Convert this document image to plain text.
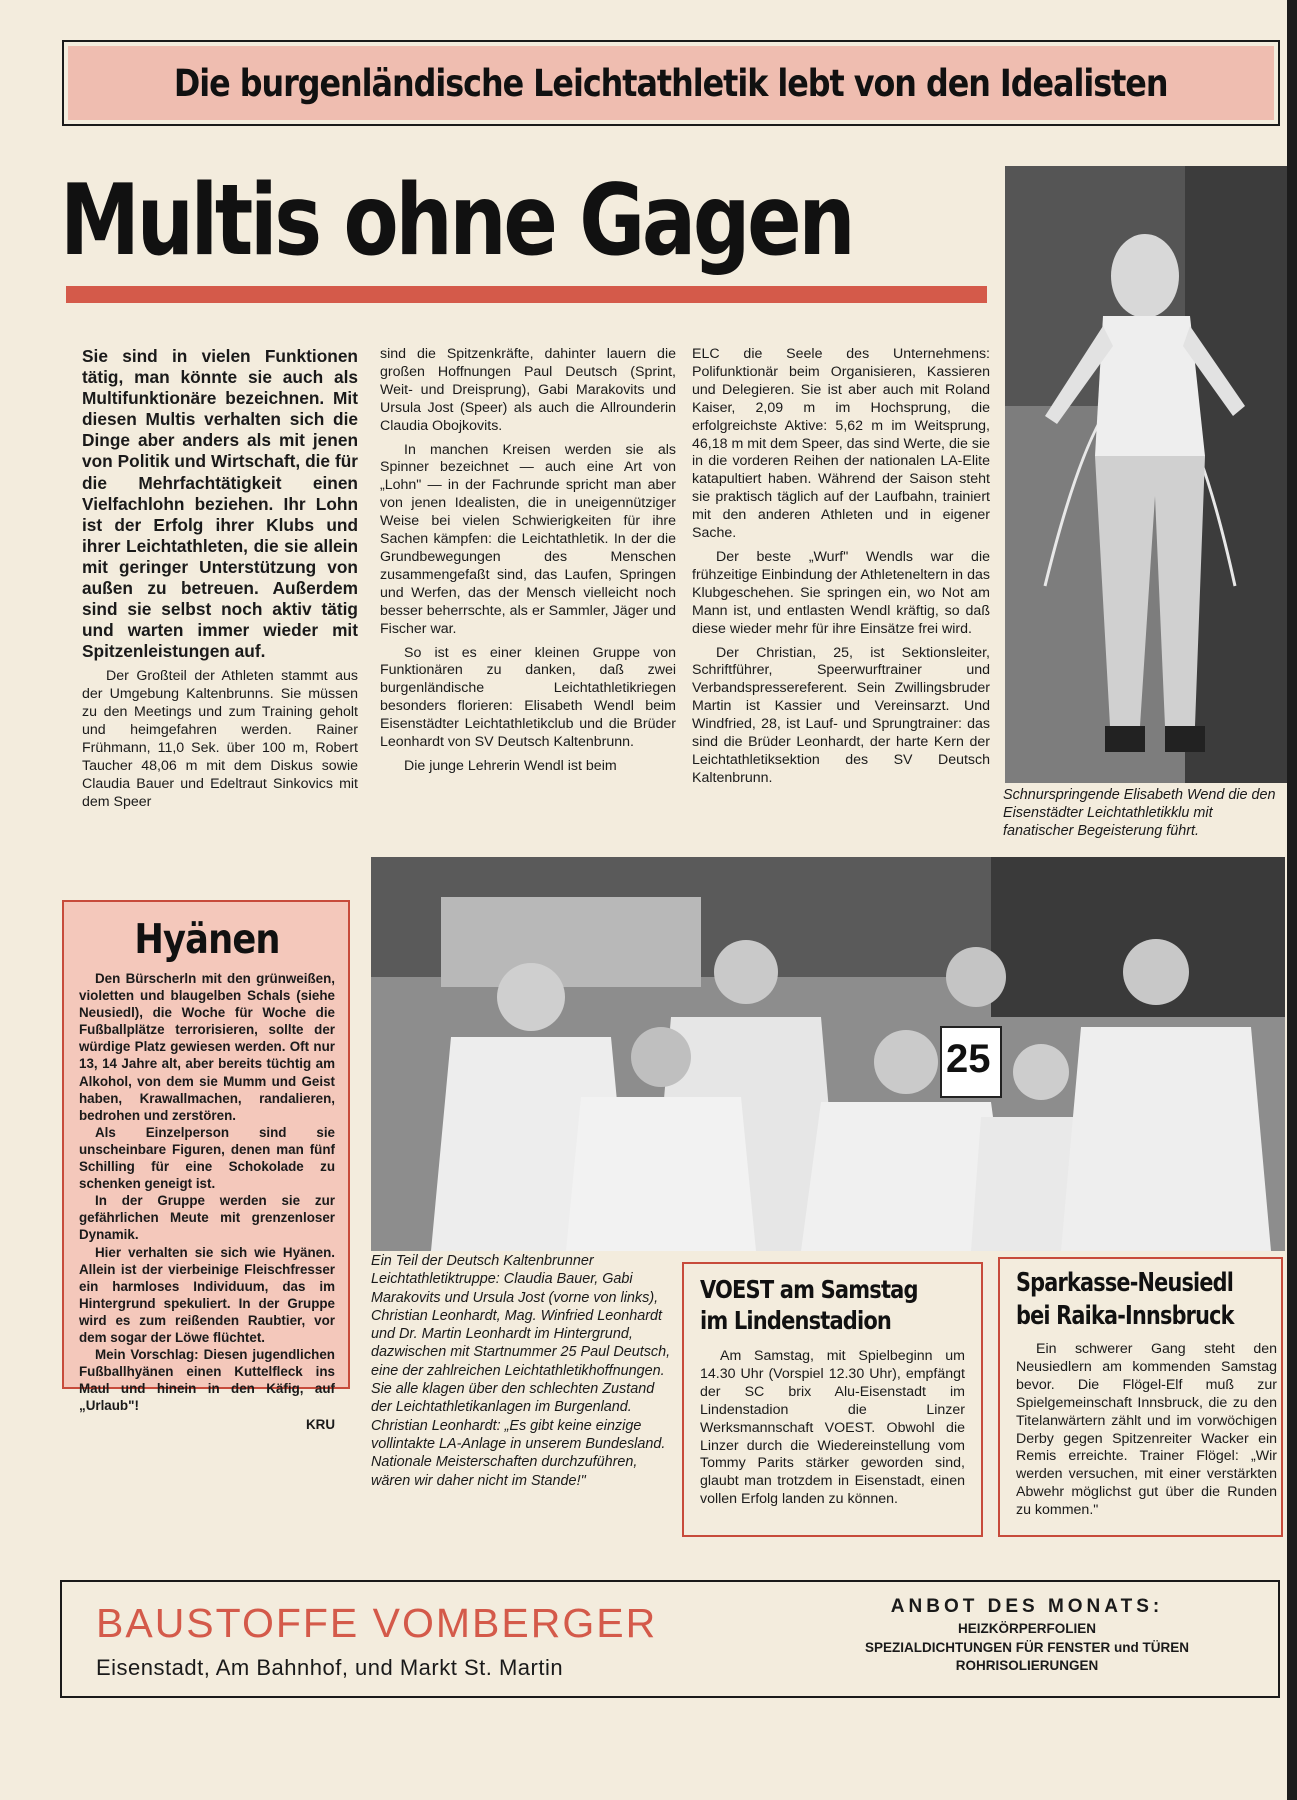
Die burgenländische Leichtathletik lebt von den Idealisten
Multis ohne Gagen
Sie sind in vielen Funktionen tätig, man könnte sie auch als Multifunktionäre bezeichnen. Mit diesen Multis verhalten sich die Dinge aber anders als mit jenen von Politik und Wirtschaft, die für die Mehrfachtätigkeit einen Vielfachlohn beziehen. Ihr Lohn ist der Erfolg ihrer Klubs und ihrer Leichtathleten, die sie allein mit geringer Unterstützung von außen zu betreuen. Außerdem sind sie selbst noch aktiv tätig und warten immer wieder mit Spitzenleistungen auf.

Der Großteil der Athleten stammt aus der Umgebung Kaltenbrunns. Sie müssen zu den Meetings und zum Training geholt und heimgefahren werden. Rainer Frühmann, 11,0 Sek. über 100 m, Robert Taucher 48,06 m mit dem Diskus sowie Claudia Bauer und Edeltraut Sinkovics mit dem Speer

sind die Spitzenkräfte, dahinter lauern die großen Hoffnungen Paul Deutsch (Sprint, Weit- und Dreisprung), Gabi Marakovits und Ursula Jost (Speer) als auch die Allrounderin Claudia Obojkovits.

In manchen Kreisen werden sie als Spinner bezeichnet — auch eine Art von „Lohn" — in der Fachrunde spricht man aber von jenen Idealisten, die in uneigennütziger Weise bei vielen Schwierigkeiten für ihre Sachen kämpfen: die Leichtathletik. In der die Grundbewegungen des Menschen zusammengefaßt sind, das Laufen, Springen und Werfen, das der Mensch vielleicht noch besser beherrschte, als er Sammler, Jäger und Fischer war.

So ist es einer kleinen Gruppe von Funktionären zu danken, daß zwei burgenländische Leichtathletikriegen besonders florieren: Elisabeth Wendl beim Eisenstädter Leichtathletikclub und die Brüder Leonhardt von SV Deutsch Kaltenbrunn.

Die junge Lehrerin Wendl ist beim

ELC die Seele des Unternehmens: Polifunktionär beim Organisieren, Kassieren und Delegieren. Sie ist aber auch mit Roland Kaiser, 2,09 m im Hochsprung, die erfolgreichste Aktive: 5,62 m im Weitsprung, 46,18 m mit dem Speer, das sind Werte, die sie in die vorderen Reihen der nationalen LA-Elite katapultiert haben. Während der Saison steht sie praktisch täglich auf der Laufbahn, trainiert mit den anderen Athleten und in eigener Sache.

Der beste „Wurf" Wendls war die frühzeitige Einbindung der Athleteneltern in das Klubgeschehen. Sie springen ein, wo Not am Mann ist, und entlasten Wendl kräftig, so daß diese wieder mehr für ihre Einsätze frei wird.

Der Christian, 25, ist Sektionsleiter, Schriftführer, Speerwurftrainer und Verbandspressereferent. Sein Zwillingsbruder Martin ist Kassier und Vereinsarzt. Und Windfried, 28, ist Lauf- und Sprungtrainer: das sind die Brüder Leonhardt, der harte Kern der Leichtathletiksektion des SV Deutsch Kaltenbrunn.

Schnurspringende Elisabeth Wend die den Eisenstädter Leichtathletikklu mit fanatischer Begeisterung führt.
25
Ein Teil der Deutsch Kaltenbrunner Leichtathletiktruppe: Claudia Bauer, Gabi Marakovits und Ursula Jost (vorne von links), Christian Leonhardt, Mag. Winfried Leonhardt und Dr. Martin Leonhardt im Hintergrund, dazwischen mit Startnummer 25 Paul Deutsch, eine der zahlreichen Leichtathletikhoffnungen. Sie alle klagen über den schlechten Zustand der Leichtathletikanlagen im Burgenland. Christian Leonhardt: „Es gibt keine einzige vollintakte LA-Anlage in unserem Bundesland. Nationale Meisterschaften durchzuführen, wären wir daher nicht im Stande!"
Hyänen

Den Bürscherln mit den grünweißen, violetten und blaugelben Schals (siehe Neusiedl), die Woche für Woche die Fußballplätze terrorisieren, sollte der würdige Platz gewiesen werden. Oft nur 13, 14 Jahre alt, aber bereits tüchtig am Alkohol, von dem sie Mumm und Geist haben, Krawallmachen, randalieren, bedrohen und zerstören.

Als Einzelperson sind sie unscheinbare Figuren, denen man fünf Schilling für eine Schokolade zu schenken geneigt ist.

In der Gruppe werden sie zur gefährlichen Meute mit grenzenloser Dynamik.

Hier verhalten sie sich wie Hyänen. Allein ist der vierbeinige Fleischfresser ein harmloses Individuum, das im Hintergrund spekuliert. In der Gruppe wird es zum reißenden Raubtier, vor dem sogar der Löwe flüchtet.

Mein Vorschlag: Diesen jugendlichen Fußballhyänen einen Kuttelfleck ins Maul und hinein in den Käfig, auf „Urlaub"!

KRU
VOEST am Samstag
im Lindenstadion
Am Samstag, mit Spielbeginn um 14.30 Uhr (Vorspiel 12.30 Uhr), empfängt der SC brix Alu-Eisenstadt im Lindenstadion die Linzer Werksmannschaft VOEST. Obwohl die Linzer durch die Wiedereinstellung vom Tommy Parits stärker geworden sind, glaubt man trotzdem in Eisenstadt, einen vollen Erfolg landen zu können.
Sparkasse-Neusiedl
bei Raika-Innsbruck
Ein schwerer Gang steht den Neusiedlern am kommenden Samstag bevor. Die Flögel-Elf muß zur Spielgemeinschaft Innsbruck, die zu den Titelanwärtern zählt und im vorwöchigen Derby gegen Spitzenreiter Wacker ein Remis erreichte. Trainer Flögel: „Wir werden versuchen, mit einer verstärkten Abwehr möglichst gut über die Runden zu kommen."
BAUSTOFFE VOMBERGER
Eisenstadt, Am Bahnhof, und Markt St. Martin
ANBOT DES MONATS:
HEIZKÖRPERFOLIEN
SPEZIALDICHTUNGEN FÜR FENSTER und TÜREN
ROHRISOLIERUNGEN
